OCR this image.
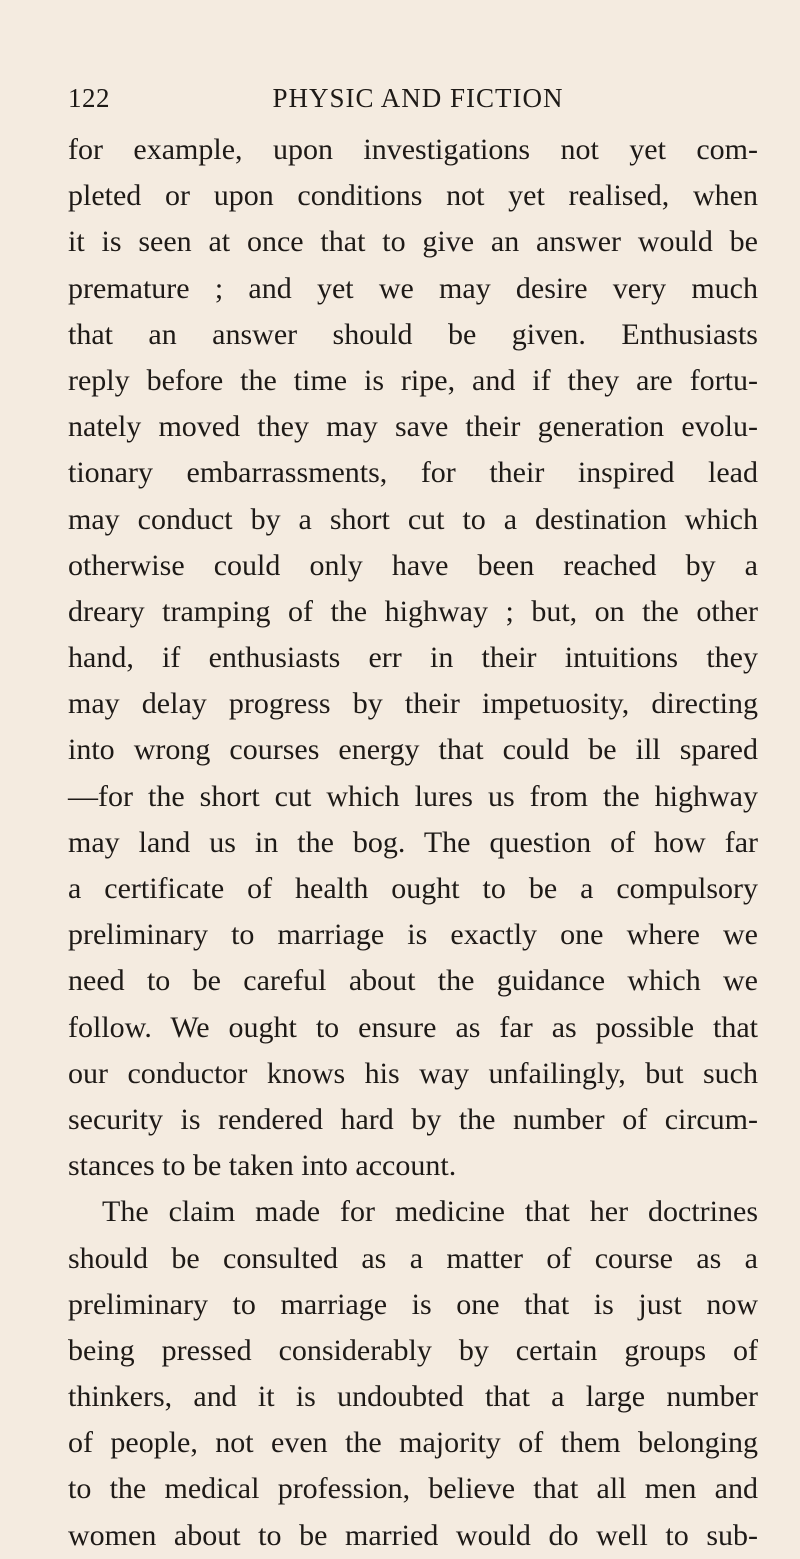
122	PHYSIC AND FICTION
for example, upon investigations not yet com-
pleted or upon conditions not yet realised, when
it is seen at once that to give an answer would be
premature ; and yet we may desire very much
that an answer should be given. Enthusiasts
reply before the time is ripe, and if they are fortu-
nately moved they may save their generation evolu-
tionary embarrassments, for their inspired lead
may conduct by a short cut to a destination which
otherwise could only have been reached by a
dreary tramping of the highway ; but, on the other
hand, if enthusiasts err in their intuitions they
may delay progress by their impetuosity, directing
into wrong courses energy that could be ill spared
—for the short cut which lures us from the highway
may land us in the bog. The question of how far
a certificate of health ought to be a compulsory
preliminary to marriage is exactly one where we
need to be careful about the guidance which we
follow. We ought to ensure as far as possible that
our conductor knows his way unfailingly, but such
security is rendered hard by the number of circum-
stances to be taken into account.
The claim made for medicine that her doctrines
should be consulted as a matter of course as a
preliminary to marriage is one that is just now
being pressed considerably by certain groups of
thinkers, and it is undoubted that a large number
of people, not even the majority of them belonging
to the medical profession, believe that all men and
women about to be married would do well to sub-
